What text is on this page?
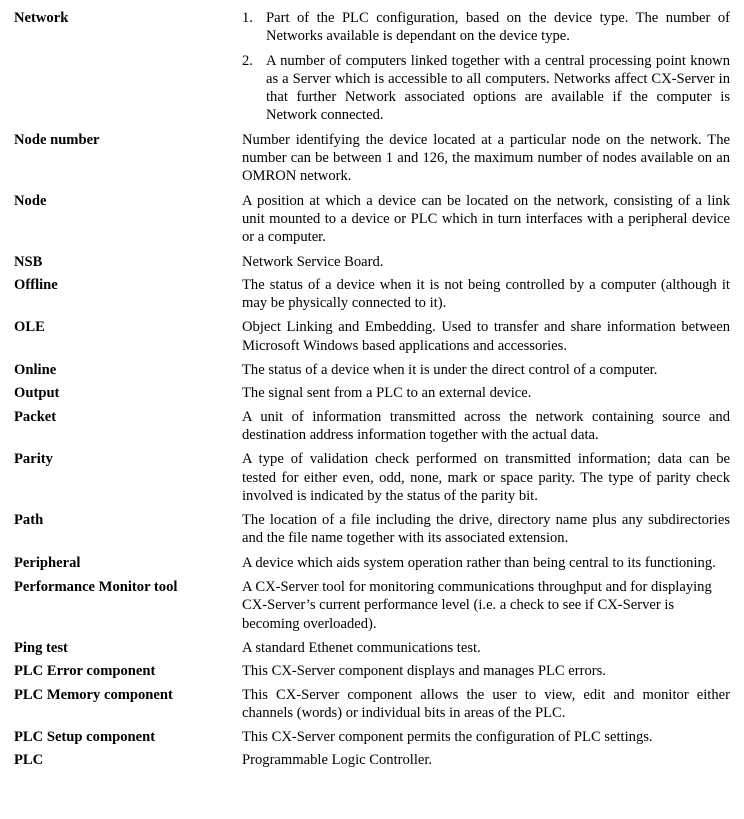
Network	1. Part of the PLC configuration, based on the device type. The number of Networks available is dependant on the device type.
2. A number of computers linked together with a central processing point known as a Server which is accessible to all computers. Networks affect CX-Server in that further Network associated options are available if the computer is Network connected.
Node number	Number identifying the device located at a particular node on the network. The number can be between 1 and 126, the maximum number of nodes available on an OMRON network.
Node	A position at which a device can be located on the network, consisting of a link unit mounted to a device or PLC which in turn interfaces with a peripheral device or a computer.
NSB	Network Service Board.
Offline	The status of a device when it is not being controlled by a computer (although it may be physically connected to it).
OLE	Object Linking and Embedding. Used to transfer and share information between Microsoft Windows based applications and accessories.
Online	The status of a device when it is under the direct control of a computer.
Output	The signal sent from a PLC to an external device.
Packet	A unit of information transmitted across the network containing source and destination address information together with the actual data.
Parity	A type of validation check performed on transmitted information; data can be tested for either even, odd, none, mark or space parity. The type of parity check involved is indicated by the status of the parity bit.
Path	The location of a file including the drive, directory name plus any subdirectories and the file name together with its associated extension.
Peripheral	A device which aids system operation rather than being central to its functioning.
Performance Monitor tool	A CX-Server tool for monitoring communications throughput and for displaying CX-Server’s current performance level (i.e. a check to see if CX-Server is becoming overloaded).
Ping test	A standard Ethenet communications test.
PLC Error component	This CX-Server component displays and manages PLC errors.
PLC Memory component	This CX-Server component allows the user to view, edit and monitor either channels (words) or individual bits in areas of the PLC.
PLC Setup component	This CX-Server component permits the configuration of PLC settings.
PLC	Programmable Logic Controller.
